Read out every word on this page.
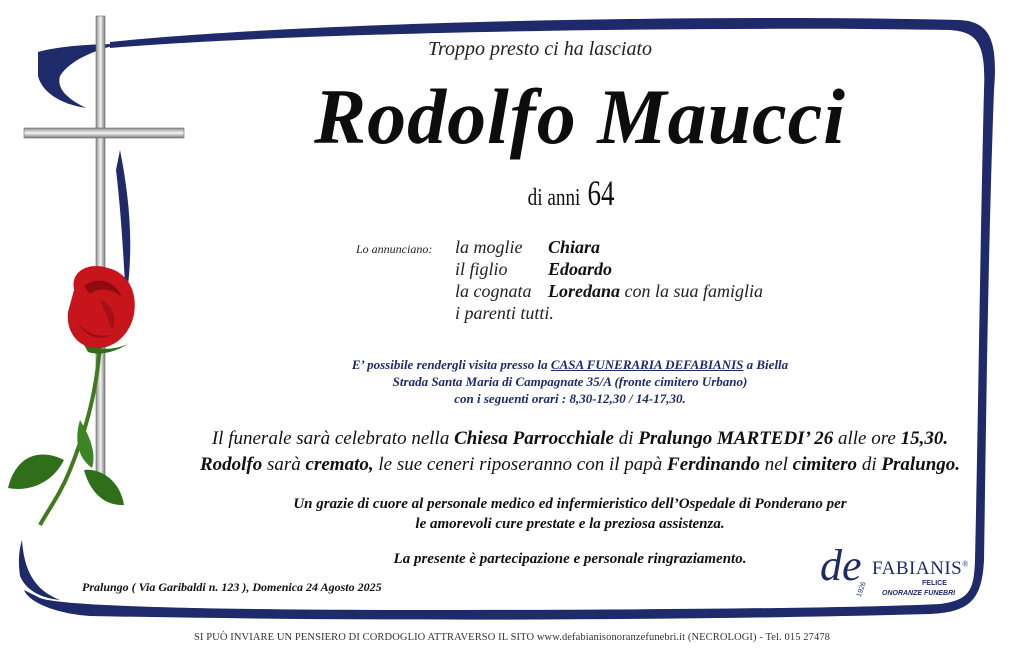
Troppo presto ci ha lasciato
Rodolfo Maucci
di anni 64
Lo annunciano: la moglie Chiara
il figlio Edoardo
la cognata Loredana con la sua famiglia
i parenti tutti.
E’ possibile rendergli visita presso la CASA FUNERARIA DEFABIANIS a Biella
Strada Santa Maria di Campagnate 35/A (fronte cimitero Urbano)
con i seguenti orari : 8,30-12,30 / 14-17,30.
Il funerale sarà celebrato nella Chiesa Parrocchiale di Pralungo MARTEDI’ 26 alle ore 15,30.
Rodolfo sarà cremato, le sue ceneri riposeranno con il papà Ferdinando nel cimitero di Pralungo.
Un grazie di cuore al personale medico ed infermieristico dell’Ospedale di Ponderano per
le amorevoli cure prestate e la preziosa assistenza.
La presente è partecipazione e personale ringraziamento.
Pralungo ( Via Garibaldi n. 123 ), Domenica 24 Agosto 2025	de FABIANIS®
FELICE
ONORANZE FUNEBRI
1926
SI PUÒ INVIARE UN PENSIERO DI CORDOGLIO ATTRAVERSO IL SITO www.defabianisonoranzefunebri.it (NECROLOGI) - Tel. 015 27478
